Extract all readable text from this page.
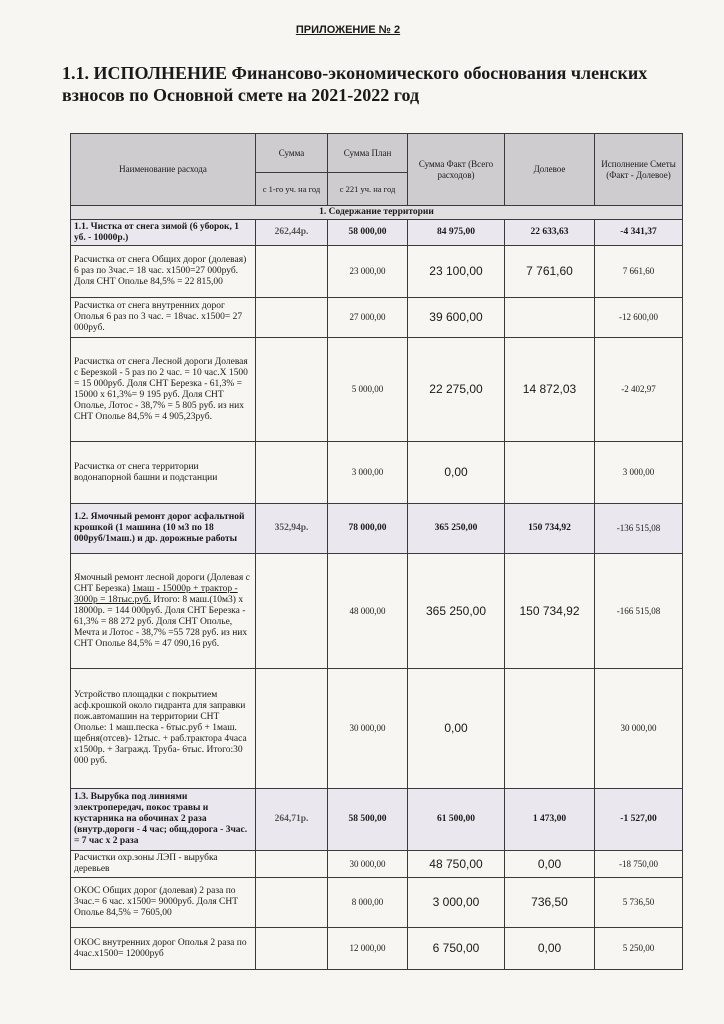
ПРИЛОЖЕНИЕ № 2
1.1. ИСПОЛНЕНИЕ Финансово-экономического обоснования членских взносов по Основной смете на 2021-2022 год
Наименование расхода	Сумма	Сумма План	Сумма Факт (Всего расходов)	Долевое	Исполнение Сметы (Факт - Долевое)
	с 1-го уч. на год	с 221 уч. на год			
1. Содержание территории					
1.1. Чистка от снега зимой (6 уборок, 1 уб. - 10000р.)	262,44р.	58 000,00	84 975,00	22 633,63	-4 341,37
Расчистка от снега Общих дорог (долевая) 6 раз по 3час.= 18 час. х1500=27 000руб. Доля СНТ Ополье 84,5% = 22 815,00		23 000,00	23 100,00	7 761,60	7 661,60
Расчистка от снега внутренних дорог Ополья 6 раз по 3 час. = 18час. х1500= 27 000руб.		27 000,00	39 600,00		-12 600,00
Расчистка от снега Лесной дороги Долевая с Березкой - 5 раз по 2 час. = 10 час.Х 1500 = 15 000руб. Доля СНТ Березка - 61,3% = 15000 х 61,3%= 9 195 руб. Доля СНТ Ополье, Лотос - 38,7% = 5 805 руб. из них СНТ Ополье 84,5% = 4 905,23руб.		5 000,00	22 275,00	14 872,03	-2 402,97
Расчистка от снега территории водонапорной башни и подстанции		3 000,00	0,00		3 000,00
1.2. Ямочный ремонт дорог асфальтной крошкой (1 машина (10 м3 по 18 000руб/1маш.) и др. дорожные работы	352,94р.	78 000,00	365 250,00	150 734,92	-136 515,08
Ямочный ремонт лесной дороги (Долевая с СНТ Березка) 1маш - 15000р + трактор - 3000р = 18тыс.руб. Итого: 8 маш.(10м3) х 18000р. = 144 000руб. Доля СНТ Березка - 61,3% = 88 272 руб. Доля СНТ Ополье, Мечта и Лотос - 38,7% =55 728 руб. из них СНТ Ополье 84,5% = 47 090,16 руб.		48 000,00	365 250,00	150 734,92	-166 515,08
Устройство площадки с покрытием асф.крошкой около гидранта для заправки пож.автомашин на территории СНТ Ополье: 1 маш.песка - 6тыс.руб + 1маш. щебня(отсев)- 12тыс. + раб.трактора 4часа х1500р. + Загражд. Труба- 6тыс. Итого:30 000 руб.		30 000,00	0,00		30 000,00
1.3. Вырубка под линиями электропередач, покос травы и кустарника на обочинах 2 раза (внутр.дороги - 4 час; общ.дорога - 3час. = 7 час х 2 раза	264,71р.	58 500,00	61 500,00	1 473,00	-1 527,00
Расчистки охр.зоны ЛЭП - вырубка деревьев		30 000,00	48 750,00	0,00	-18 750,00
ОКОС Общих дорог (долевая) 2 раза по 3час.= 6 час. х1500= 9000руб. Доля СНТ Ополье 84,5% = 7605,00		8 000,00	3 000,00	736,50	5 736,50
ОКОС внутренних дорог Ополья 2 раза по 4час.х1500= 12000руб		12 000,00	6 750,00	0,00	5 250,00
